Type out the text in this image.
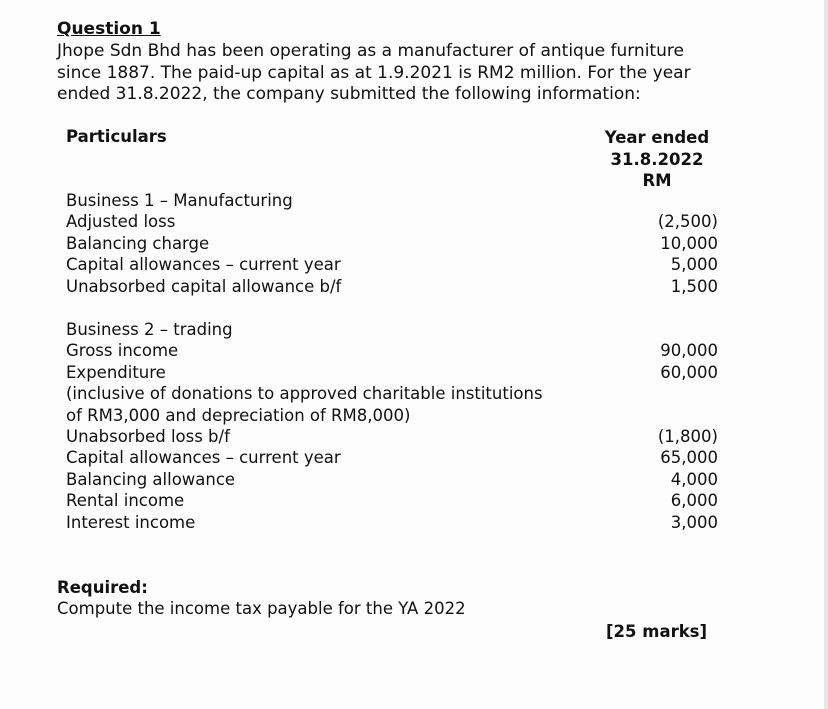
Question 1

Jhope Sdn Bhd has been operating as a manufacturer of antique furniture
since 1887. The paid-up capital as at 1.9.2021 is RM2 million. For the year
ended 31.8.2022, the company submitted the following information:

Particulars	Year ended
31.8.2022
RM
Business 1 – Manufacturing
Adjusted loss	(2,500)
Balancing charge	10,000
Capital allowances – current year	5,000
Unabsorbed capital allowance b/f	1,500
Business 2 – trading
Gross income	90,000
Expenditure	60,000
(inclusive of donations to approved charitable institutions
of RM3,000 and depreciation of RM8,000)
Unabsorbed loss b/f	(1,800)
Capital allowances – current year	65,000
Balancing allowance	4,000
Rental income	6,000
Interest income	3,000

Required:

Compute the income tax payable for the YA 2022

[25 marks]
